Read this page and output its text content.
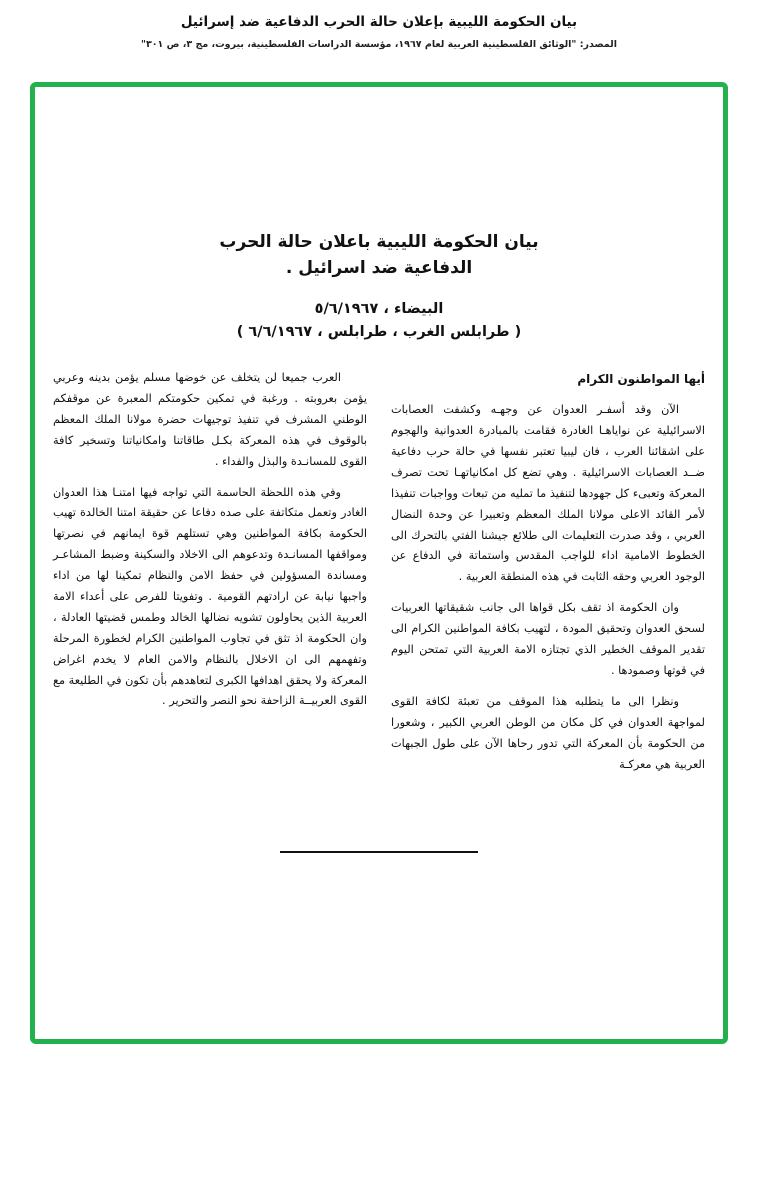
بيان الحكومة الليبية بإعلان حالة الحرب الدفاعية ضد إسرائيل
المصدر: "الوثائق الفلسطينية العربية لعام ١٩٦٧، مؤسسة الدراسات الفلسطينية، بيروت، مج ٣، ص ٣٠١"
بيان الحكومة الليبية باعلان حالة الحرب
الدفاعية ضد اسرائيل .
البيضاء ، ٥/٦/١٩٦٧
( طرابلس الغرب ، طرابلس ، ٦/٦/١٩٦٧ )

أيها المواطنون الكرام

الآن وقد أسفـر العدوان عن وجهـه وكشفت العصابات الاسرائيلية عن نواياهـا الغادرة فقامت بالمبادرة العدوانية والهجوم على اشقائنا العرب ، فان ليبيا تعتبر نفسها في حالة حرب دفاعية ضــد العصابات الاسرائيلية . وهي تضع كل امكانياتهـا تحت تصرف المعركة وتعبىء كل جهودها لتنفيذ ما تمليه من تبعات وواجبات تنفيذا لأمر القائد الاعلى مولانا الملك المعظم وتعبيرا عن وحدة النضال العربي ، وقد صدرت التعليمات الى طلائع جيشنا الفتي بالتحرك الى الخطوط الامامية اداء للواجب المقدس واستماتة في الدفاع عن الوجود العربي وحقه الثابت في هذه المنطقة العربية .

وان الحكومة اذ تقف بكل قواها الى جانب شقيقاتها العربيات لسحق العدوان وتحقيق المودة ، لتهيب بكافة المواطنين الكرام الى تقدير الموقف الخطير الذي تجتازه الامة العربية التي تمتحن اليوم في قوتها وصمودها .

ونظرا الى ما يتطلبه هذا الموقف من تعبئة لكافة القوى لمواجهة العدوان في كل مكان من الوطن العربي الكبير ، وشعورا من الحكومة بأن المعركة التي تدور رحاها الآن على طول الجبهات العربية هي معركـة

العرب جميعا لن يتخلف عن خوضها مسلم يؤمن بدينه وعربي يؤمن بعروبته . ورغبة في تمكين حكومتكم المعبرة عن موقفكم الوطني المشرف في تنفيذ توجيهات حضرة مولانا الملك المعظم بالوقوف في هذه المعركة بكـل طاقاتنا وامكانياتنا وتسخير كافة القوى للمسانـدة والبذل والفداء .

وفي هذه اللحظة الحاسمة التي تواجه فيها امتنـا هذا العدوان الغادر وتعمل متكاتفة على صده دفاعا عن حقيقة امتنا الخالدة تهيب الحكومة بكافة المواطنين وهي تستلهم قوة ايمانهم في نصرتها ومواقفها المسانـدة وتدعوهم الى الاخلاد والسكينة وضبط المشاعـر ومساندة المسؤولين في حفظ الامن والنظام تمكينا لها من اداء واجبها نيابة عن ارادتهم القومية . وتفويتا للفرص على أعداء الامة العربية الذين يحاولون تشويه نضالها الخالد وطمس قضيتها العادلة ، وان الحكومة اذ تثق في تجاوب المواطنين الكرام لخطورة المرحلة وتفهمهم الى ان الاخلال بالنظام والامن العام لا يخدم اغراض المعركة ولا يحقق اهدافها الكبرى لتعاهدهم بأن تكون في الطليعة مع القوى العربيــة الزاحفة نحو النصر والتحرير .
